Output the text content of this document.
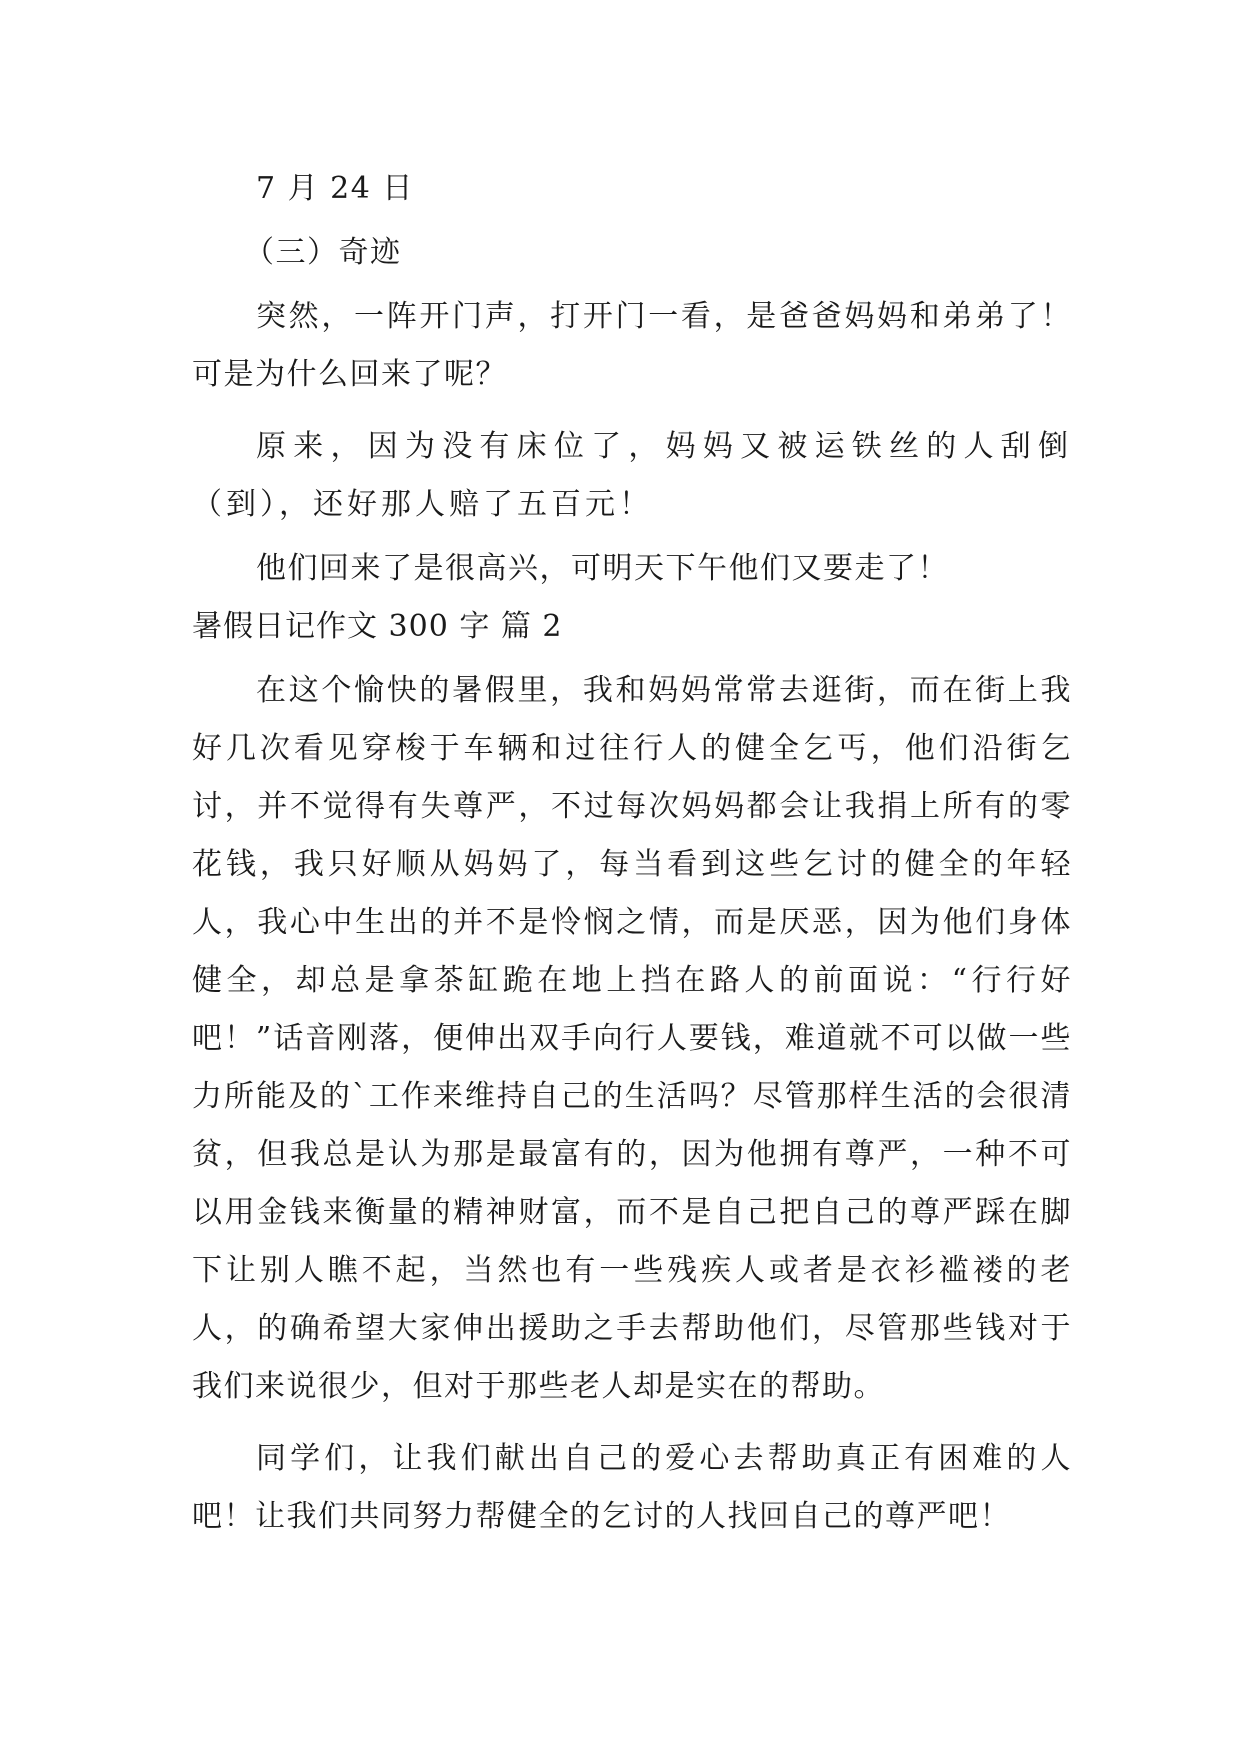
7 月 24 日

（三）奇迹

突然，一阵开门声，打开门一看，是爸爸妈妈和弟弟了！可是为什么回来了呢？

原来，因为没有床位了，妈妈又被运铁丝的人刮倒（到），还好那人赔了五百元！

他们回来了是很高兴，可明天下午他们又要走了！

暑假日记作文 300 字 篇 2

在这个愉快的暑假里，我和妈妈常常去逛街，而在街上我好几次看见穿梭于车辆和过往行人的健全乞丐，他们沿街乞讨，并不觉得有失尊严，不过每次妈妈都会让我捐上所有的零花钱，我只好顺从妈妈了，每当看到这些乞讨的健全的年轻人，我心中生出的并不是怜悯之情，而是厌恶，因为他们身体健全，却总是拿茶缸跪在地上挡在路人的前面说：“行行好吧！”话音刚落，便伸出双手向行人要钱，难道就不可以做一些力所能及的`工作来维持自己的生活吗？尽管那样生活的会很清贫，但我总是认为那是最富有的，因为他拥有尊严，一种不可以用金钱来衡量的精神财富，而不是自己把自己的尊严踩在脚下让别人瞧不起，当然也有一些残疾人或者是衣衫褴褛的老人，的确希望大家伸出援助之手去帮助他们，尽管那些钱对于我们来说很少，但对于那些老人却是实在的帮助。

同学们，让我们献出自己的爱心去帮助真正有困难的人吧！让我们共同努力帮健全的乞讨的人找回自己的尊严吧！
